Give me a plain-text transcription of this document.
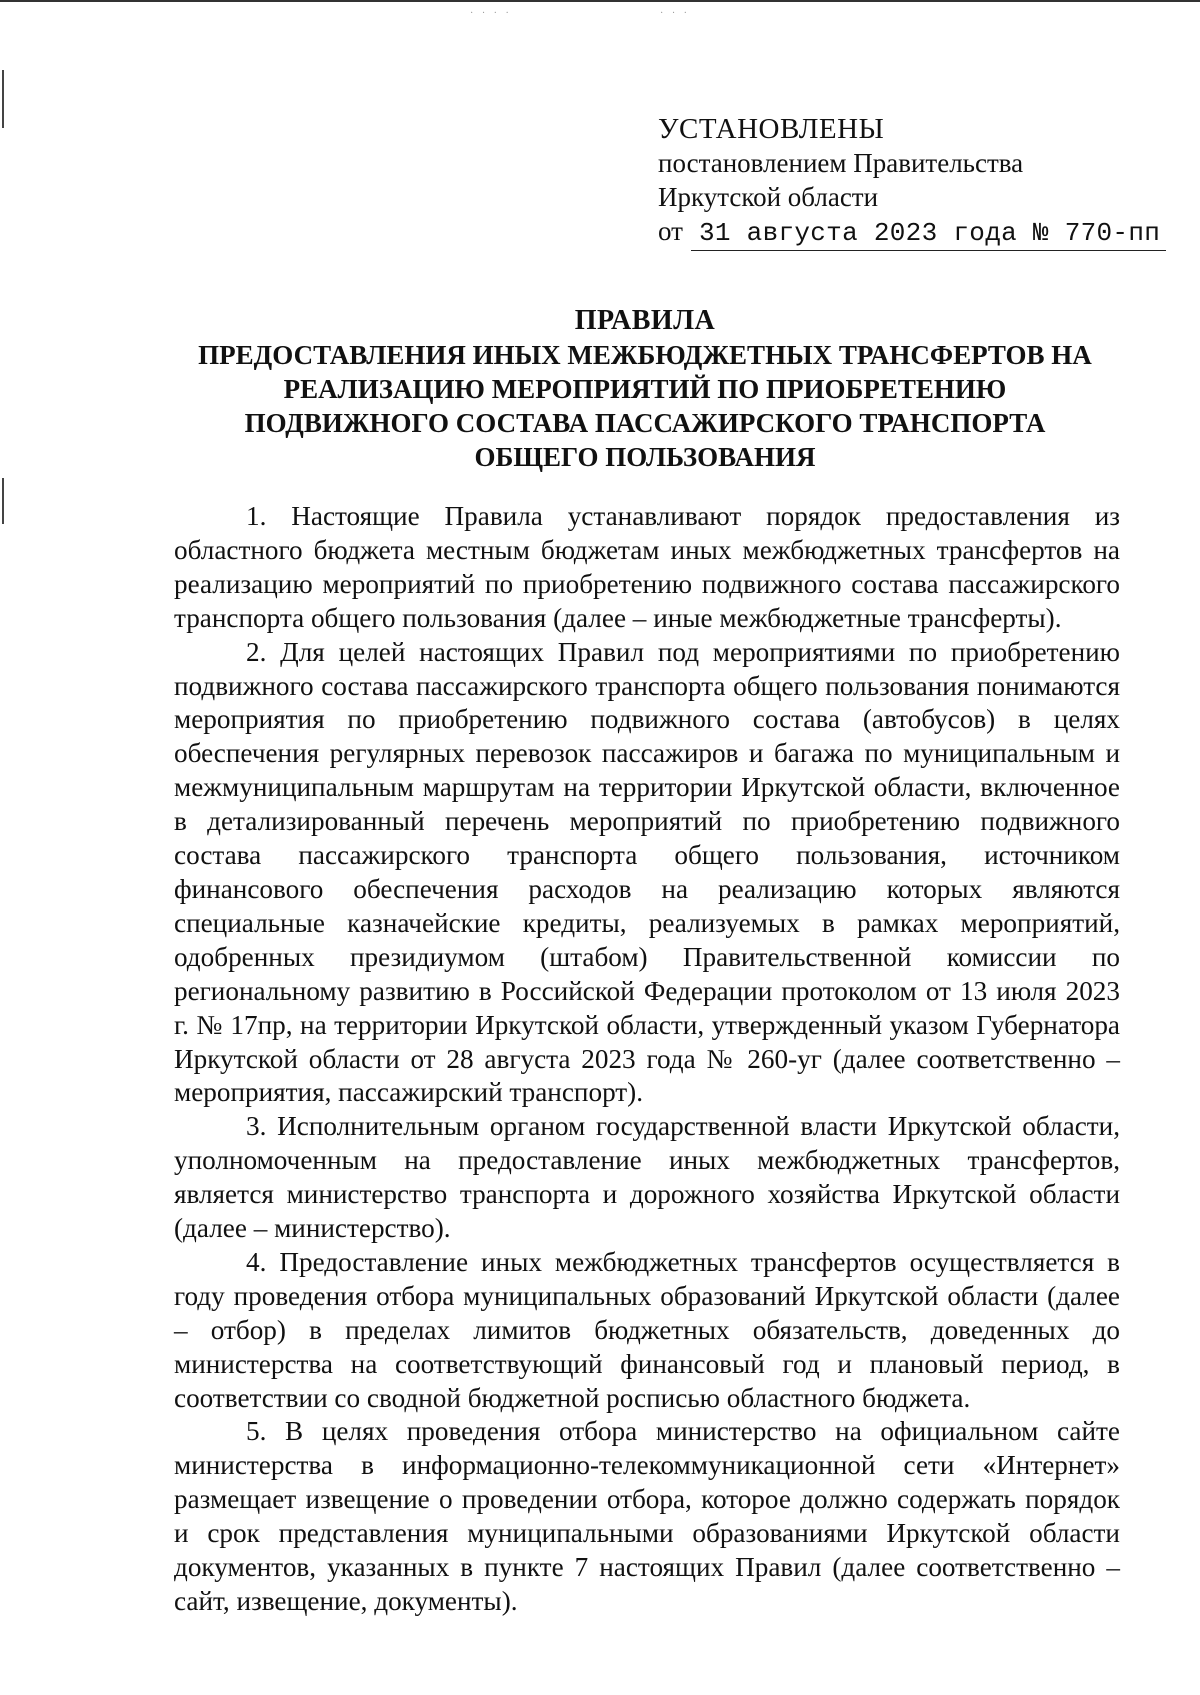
· · · ·	· · ·
УСТАНОВЛЕНЫ
постановлением Правительства
Иркутской области
от 31 августа 2023 года № 770-пп
ПРАВИЛА
ПРЕДОСТАВЛЕНИЯ ИНЫХ МЕЖБЮДЖЕТНЫХ ТРАНСФЕРТОВ НА
РЕАЛИЗАЦИЮ МЕРОПРИЯТИЙ ПО ПРИОБРЕТЕНИЮ
ПОДВИЖНОГО СОСТАВА ПАССАЖИРСКОГО ТРАНСПОРТА
ОБЩЕГО ПОЛЬЗОВАНИЯ

1. Настоящие Правила устанавливают порядок предоставления из областного бюджета местным бюджетам иных межбюджетных трансфертов на реализацию мероприятий по приобретению подвижного состава пассажирского транспорта общего пользования (далее – иные межбюджетные трансферты).

2. Для целей настоящих Правил под мероприятиями по приобретению подвижного состава пассажирского транспорта общего пользования понимаются мероприятия по приобретению подвижного состава (автобусов) в целях обеспечения регулярных перевозок пассажиров и багажа по муниципальным и межмуниципальным маршрутам на территории Иркутской области, включенное в детализированный перечень мероприятий по приобретению подвижного состава пассажирского транспорта общего пользования, источником финансового обеспечения расходов на реализацию которых являются специальные казначейские кредиты, реализуемых в рамках мероприятий, одобренных президиумом (штабом) Правительственной комиссии по региональному развитию в Российской Федерации протоколом от 13 июля 2023 г. № 17пр, на территории Иркутской области, утвержденный указом Губернатора Иркутской области от 28 августа 2023 года № 260-уг (далее соответственно – мероприятия, пассажирский транспорт).

3. Исполнительным органом государственной власти Иркутской области, уполномоченным на предоставление иных межбюджетных трансфертов, является министерство транспорта и дорожного хозяйства Иркутской области (далее – министерство).

4. Предоставление иных межбюджетных трансфертов осуществляется в году проведения отбора муниципальных образований Иркутской области (далее – отбор) в пределах лимитов бюджетных обязательств, доведенных до министерства на соответствующий финансовый год и плановый период, в соответствии со сводной бюджетной росписью областного бюджета.

5. В целях проведения отбора министерство на официальном сайте министерства в информационно-телекоммуникационной сети «Интернет» размещает извещение о проведении отбора, которое должно содержать порядок и срок представления муниципальными образованиями Иркутской области документов, указанных в пункте 7 настоящих Правил (далее соответственно – сайт, извещение, документы).
